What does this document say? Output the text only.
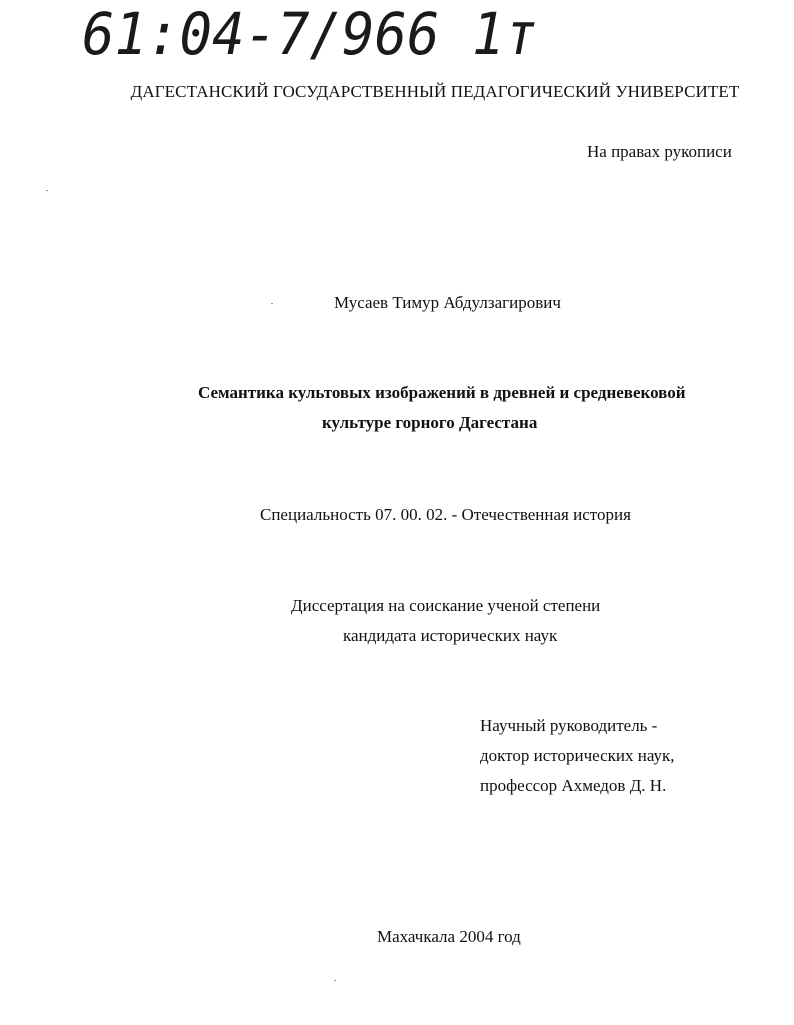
61:04-7/966 1т
ДАГЕСТАНСКИЙ ГОСУДАРСТВЕННЫЙ ПЕДАГОГИЧЕСКИЙ УНИВЕРСИТЕТ
На правах рукописи
Мусаев Тимур Абдулзагирович
Семантика культовых изображений в древней и средневековой
культуре горного Дагестана
Специальность 07. 00. 02. - Отечественная история
Диссертация на соискание ученой степени
кандидата исторических наук
Научный руководитель -
доктор исторических наук,
профессор Ахмедов Д. Н.
Махачкала 2004 год
